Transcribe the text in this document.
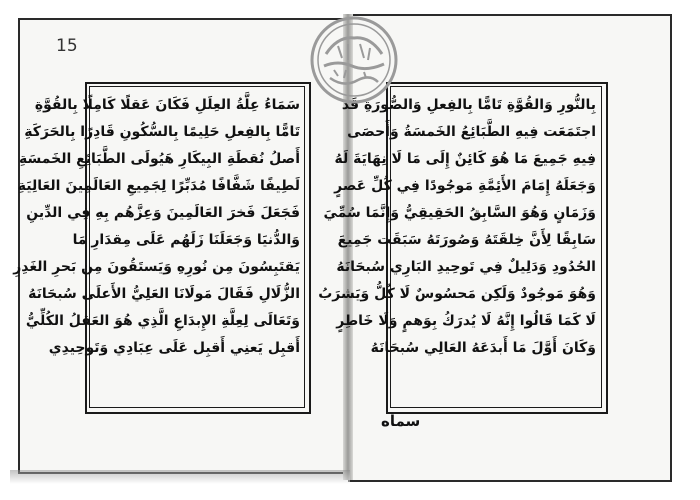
15
سَمَاءُ عِلَّةُ العِلَلِ فَكَانَ عَقلًا كَامِلًا بِالقُوَّةِ
تَامًّا بِالفِعلِ حَلِيمًا بِالسُّكُونِ قَادِرًا بِالحَرَكَةِ
أَصلُ نُقطَةِ البِيكَارِ هَيُولَى الطَّبَائِعِ الخَمسَةِ
لَطِيفًا شَفَّافًا مُدَبِّرًا لِجَمِيعِ العَالَمِينَ العَالِيَةِ
فَجَعَلَ فَخرَ العَالَمِينَ وَعِزَّهُم بِهِ فِي الدِّينِ
وَالدُّنيَا وَجَعَلَنَا زَلَهُم عَلَى مِقدَارِ مَا
يَقتَبِسُونَ مِن نُورِهِ وَيَستَقُونَ مِن بَحرِ الغَدِرِ
الزُّلَالِ فَقَالَ مَولَانَا العَلِيُّ الأَعلَى سُبحَانَهُ
وَتَعَالَى لِعِلَّةِ الإِبدَاعِ الَّذِي هُوَ العَقلُ الكُلِّيُّ
أَقبِل يَعنِي أَقبِل عَلَى عِبَادِي وَتَوحِيدِي
بِالنُّورِ وَالقُوَّةِ تَامًّا بِالفِعلِ وَالصُّورَةِ قَد
اجتَمَعَت فِيهِ الطَّبَائِعُ الخَمسَةُ وَأَحصَى
فِيهِ جَمِيعَ مَا هُوَ كَائِنٌ إِلَى مَا لَا نِهَايَةَ لَهُ
وَجَعَلَهُ إِمَامَ الأَئِمَّةِ مَوجُودًا فِي كُلِّ عَصرٍ
وَزَمَانٍ وَهُوَ السَّابِقُ الحَقِيقِيُّ وَإِنَّمَا سُمِّيَ
سَابِقًا لِأَنَّ خِلقَتَهُ وَصُورَتَهُ سَبَقَت جَمِيعَ
الحُدُودِ وَدَلِيلٌ فِي تَوحِيدِ البَارِي سُبحَانَهُ
وَهُوَ مَوجُودٌ وَلَكِن مَحسُوسٌ لَا كُلُّ وَيَشرَبُ
لَا كَمَا قَالُوا إِنَّهُ لَا يُدرَكُ بِوَهمٍ وَلَا خَاطِرٍ
وَكَانَ أَوَّلَ مَا أَبدَعَهُ العَالِي سُبحَانَهُ
سماه
